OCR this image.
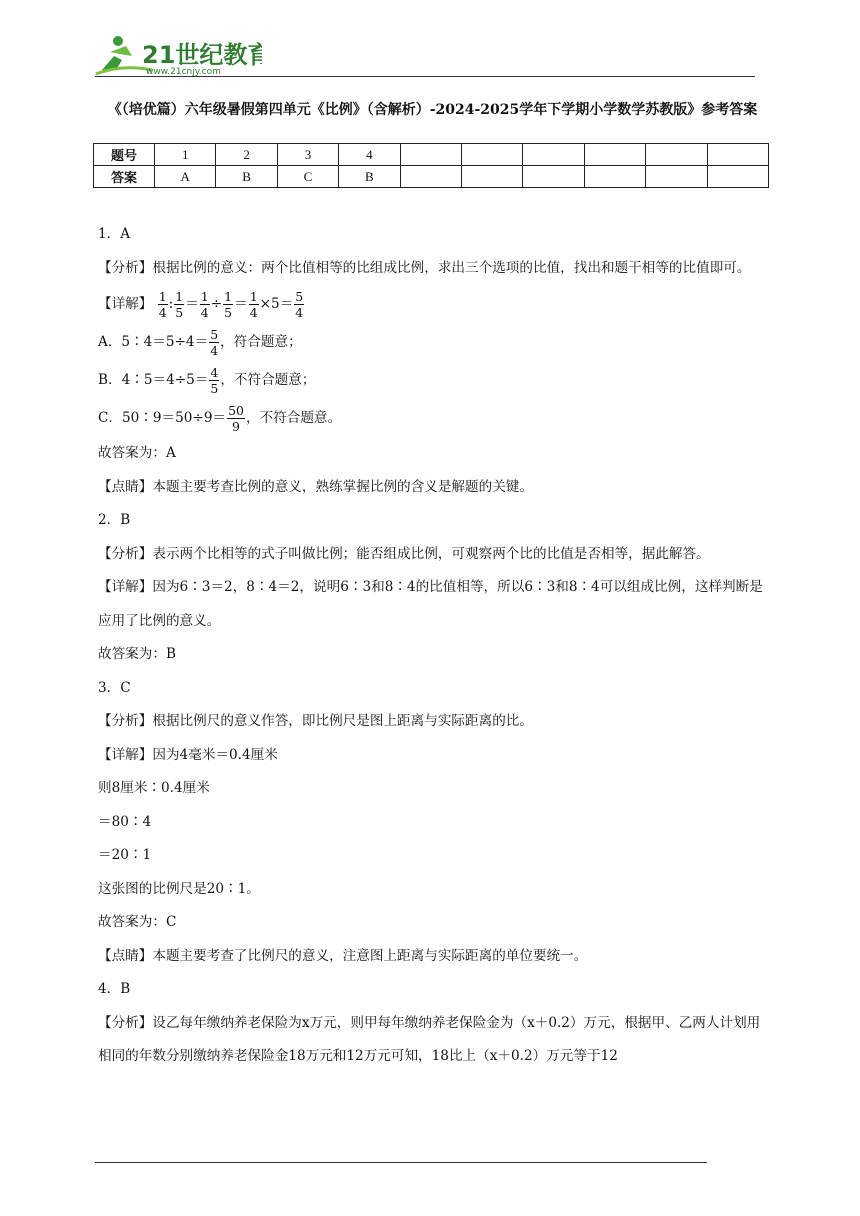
21世纪教育
www.21cnjy.com
《（培优篇）六年级暑假第四单元《比例》（含解析）-2024-2025学年下学期小学数学苏教版》参考答案
题号	1	2	3	4						
答案	A	B	C	B						

1．A

【分析】根据比例的意义：两个比值相等的比组成比例，求出三个选项的比值，找出和题干相等的比值即可。

【详解】 $\frac{1}{4}$ : $\frac{1}{5} = \frac{1}{4} \div \frac{1}{5} = \frac{1}{4} \times 5= \frac{5}{4}$

A．5∶4＝5÷4＝ $\frac{5}{4}$ ，符合题意；

B．4∶5＝4÷5＝ $\frac{4}{5}$ ，不符合题意；

C．50∶9＝50÷9＝ $\frac{50}{9}$ ，不符合题意。

故答案为：A

【点睛】本题主要考查比例的意义，熟练掌握比例的含义是解题的关键。

2．B

【分析】表示两个比相等的式子叫做比例；能否组成比例，可观察两个比的比值是否相等，据此解答。

【详解】因为6∶3＝2，8∶4＝2，说明6∶3和8∶4的比值相等，所以6∶3和8∶4可以组成比例，这样判断是应用了比例的意义。

故答案为：B

3．C

【分析】根据比例尺的意义作答，即比例尺是图上距离与实际距离的比。

【详解】因为4毫米＝0.4厘米

则8厘米∶0.4厘米

＝80∶4

＝20∶1

这张图的比例尺是20∶1。

故答案为：C

【点睛】本题主要考查了比例尺的意义，注意图上距离与实际距离的单位要统一。

4．B

【分析】设乙每年缴纳养老保险为x万元，则甲每年缴纳养老保险金为（x＋0.2）万元，根据甲、乙两人计划用相同的年数分别缴纳养老保险金18万元和12万元可知，18比上（x＋0.2）万元等于12
